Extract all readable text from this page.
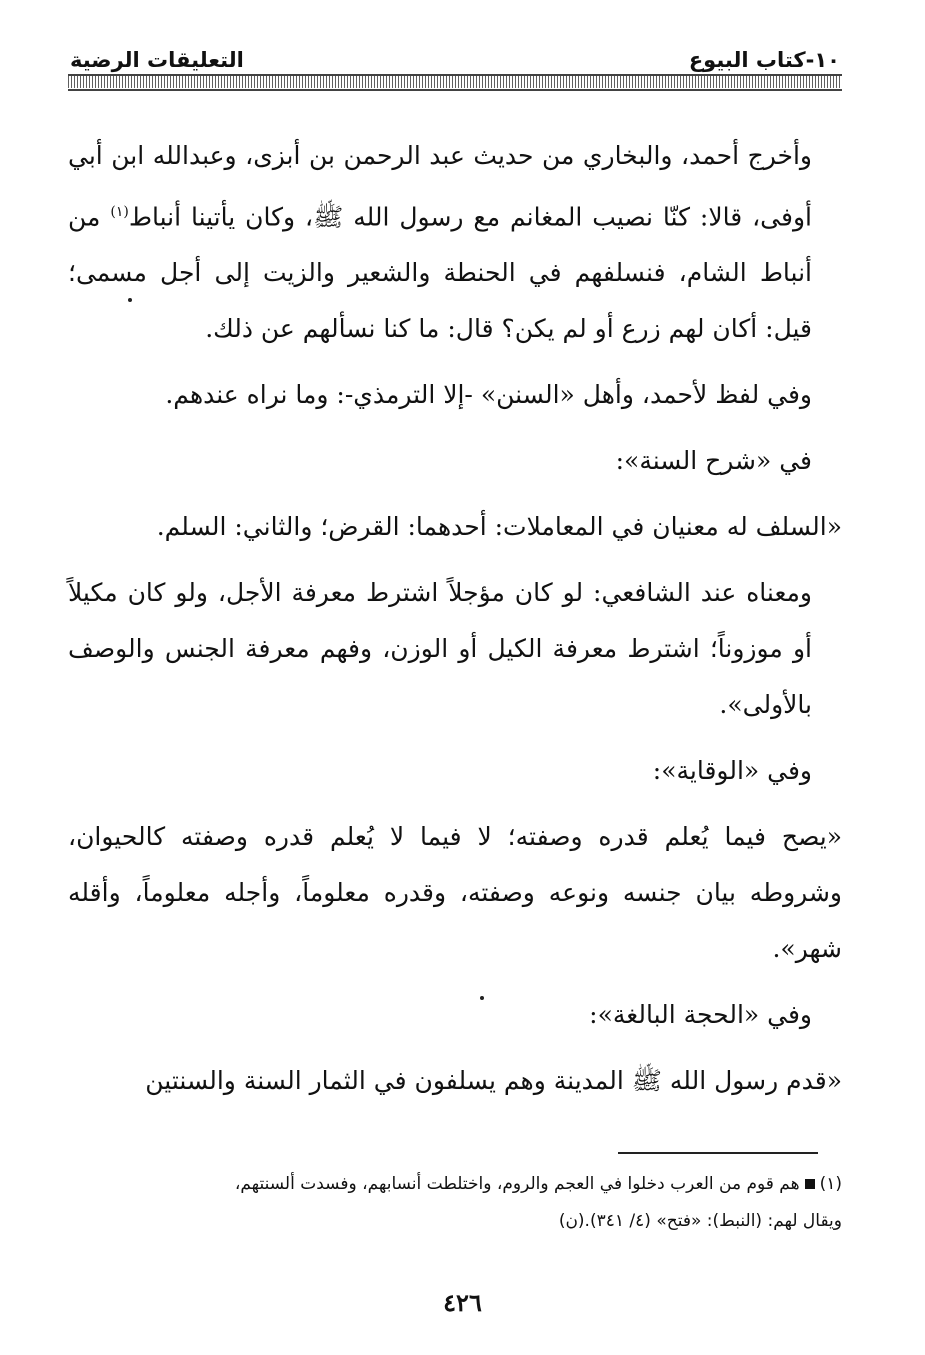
التعليقات الرضية	١٠-كتاب البيوع

وأخرج أحمد، والبخاري من حديث عبد الرحمن بن أبزى، وعبدالله ابن أبي أوفى، قالا: كنّا نصيب المغانم مع رسول الله ﷺ، وكان يأتينا أنباط$^{(١)}$ من أنباط الشام، فنسلفهم في الحنطة والشعير والزيت إلى أجل مسمى؛ قيل: أكان لهم زرع أو لم يكن؟ قال: ما كنا نسألهم عن ذلك.

وفي لفظ لأحمد، وأهل «السنن» -إلا الترمذي-: وما نراه عندهم.

في «شرح السنة»:

«السلف له معنيان في المعاملات: أحدهما: القرض؛ والثاني: السلم.

ومعناه عند الشافعي: لو كان مؤجلاً اشترط معرفة الأجل، ولو كان مكيلاً أو موزوناً؛ اشترط معرفة الكيل أو الوزن، وفهم معرفة الجنس والوصف بالأولى».

وفي «الوقاية»:

«يصح فيما يُعلم قدره وصفته؛ لا فيما لا يُعلم قدره وصفته كالحيوان، وشروطه بيان جنسه ونوعه وصفته، وقدره معلوماً، وأجله معلوماً، وأقله شهر».

وفي «الحجة البالغة»:

«قدم رسول الله ﷺ المدينة وهم يسلفون في الثمار السنة والسنتين

(١)هم قوم من العرب دخلوا في العجم والروم، واختلطت أنسابهم، وفسدت ألسنتهم،

ويقال لهم: (النبط): «فتح» (٤/ ٣٤١).(ن)

٤٢٦
